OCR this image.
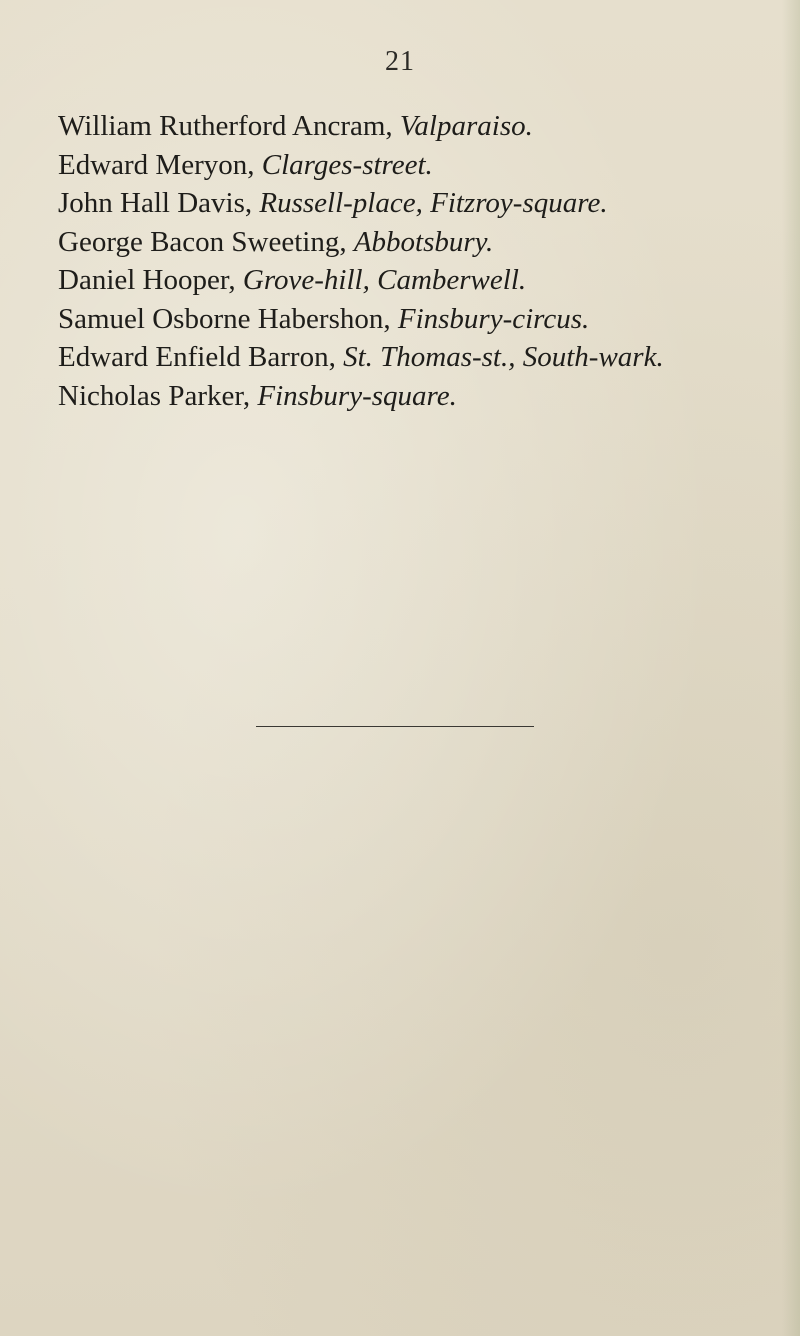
21
William Rutherford Ancram, Valparaiso.
Edward Meryon, Clarges-street.
John Hall Davis, Russell-place, Fitzroy-square.
George Bacon Sweeting, Abbotsbury.
Daniel Hooper, Grove-hill, Camberwell.
Samuel Osborne Habershon, Finsbury-circus.
Edward Enfield Barron, St. Thomas-st., South-wark.
Nicholas Parker, Finsbury-square.
